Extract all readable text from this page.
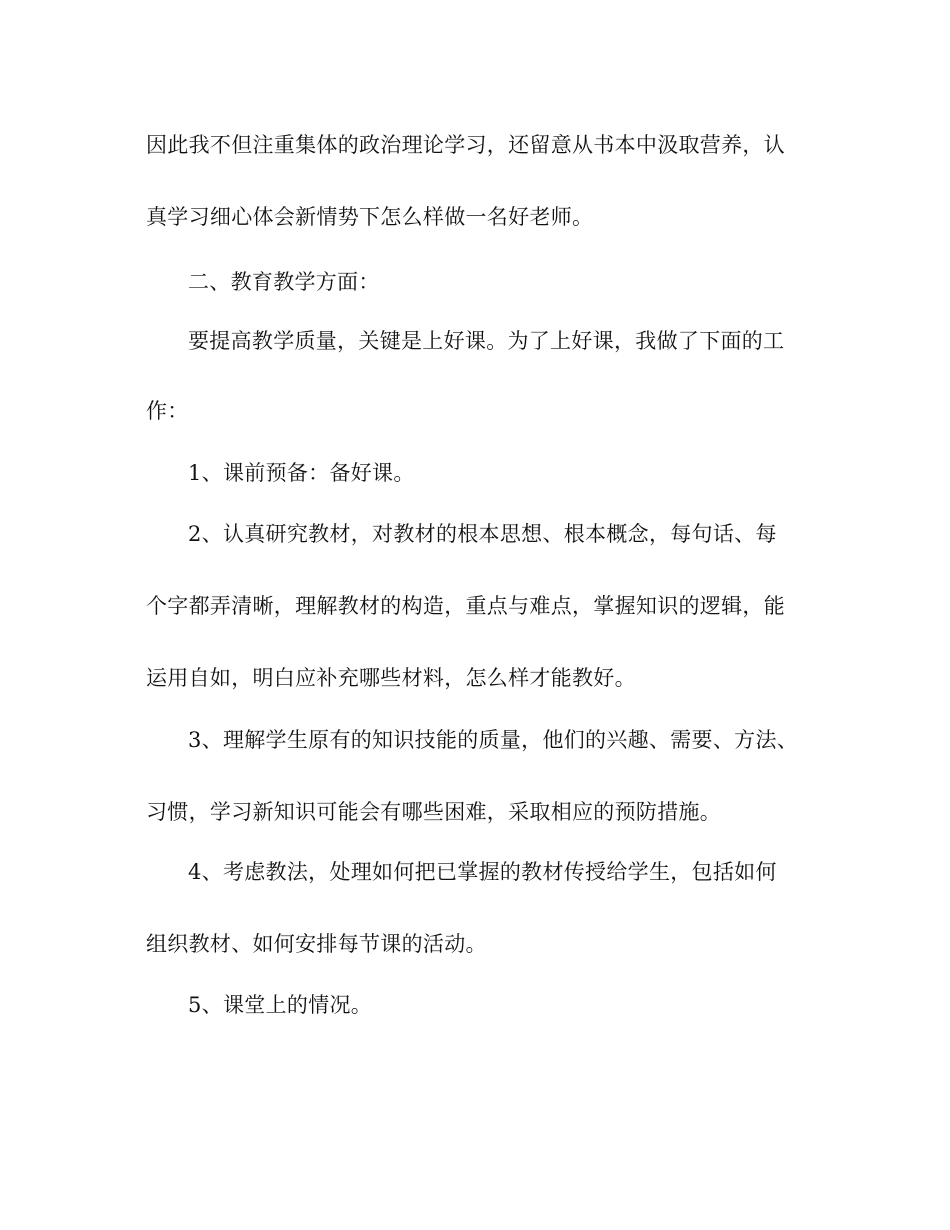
因此我不但注重集体的政治理论学习，还留意从书本中汲取营养，认
真学习细心体会新情势下怎么样做一名好老师。
二、教育教学方面：
要提高教学质量，关键是上好课。为了上好课，我做了下面的工
作：
1、课前预备：备好课。
2、认真研究教材，对教材的根本思想、根本概念，每句话、每
个字都弄清晰，理解教材的构造，重点与难点，掌握知识的逻辑，能
运用自如，明白应补充哪些材料，怎么样才能教好。
3、理解学生原有的知识技能的质量，他们的兴趣、需要、方法、
习惯，学习新知识可能会有哪些困难，采取相应的预防措施。
4、考虑教法，处理如何把已掌握的教材传授给学生，包括如何
组织教材、如何安排每节课的活动。
5、课堂上的情况。
